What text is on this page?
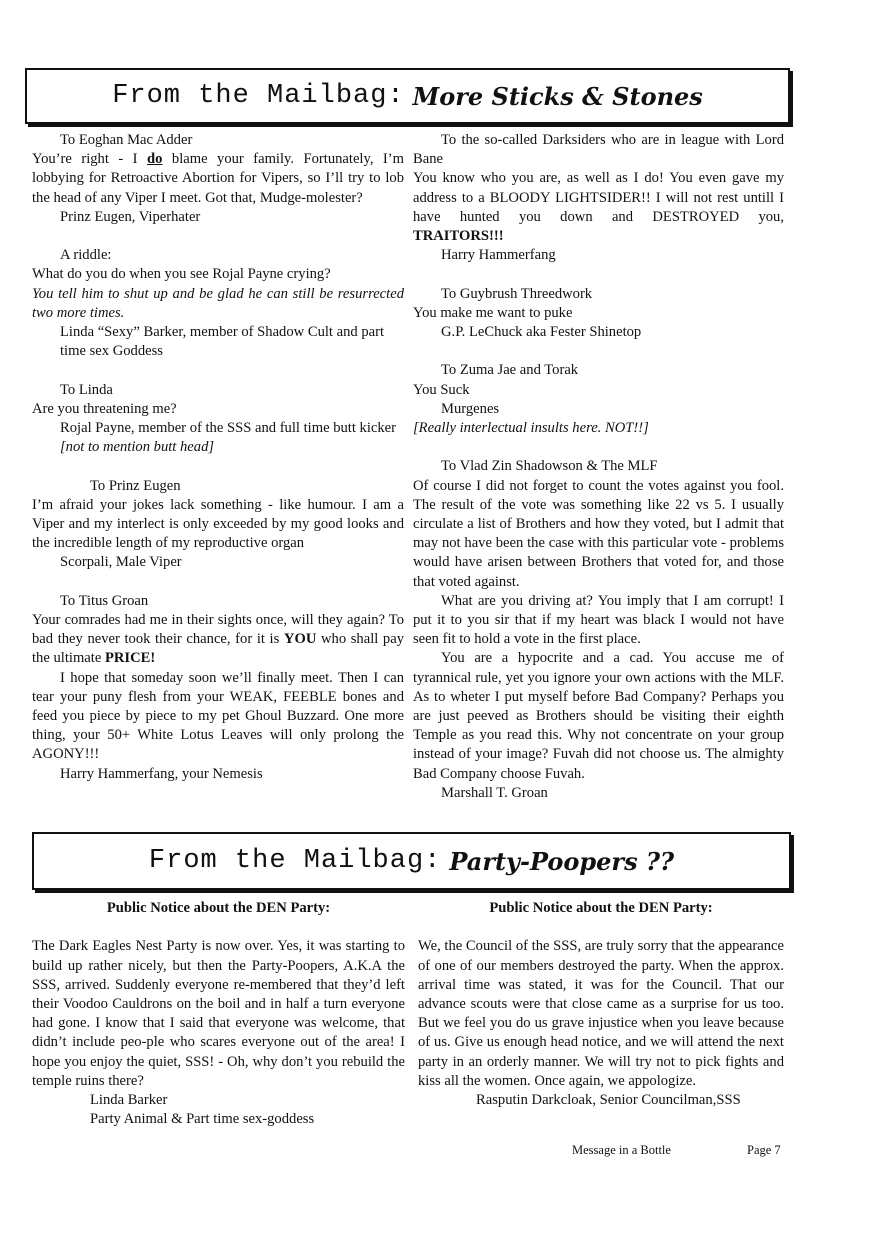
From the Mailbag: More Sticks & Stones

To Eoghan Mac Adder

You’re right - I do blame your family. Fortunately, I’m lobbying for Retroactive Abortion for Vipers, so I’ll try to lob the head of any Viper I meet. Got that, Mudge-molester?

Prinz Eugen, Viperhater

A riddle:

What do you do when you see Rojal Payne crying?

You tell him to shut up and be glad he can still be resurrected two more times.

Linda “Sexy” Barker, member of Shadow Cult and part time sex Goddess

To Linda

Are you threatening me?

Rojal Payne, member of the SSS and full time butt kicker [not to mention butt head]

To Prinz Eugen

I’m afraid your jokes lack something - like humour. I am a Viper and my interlect is only exceeded by my good looks and the incredible length of my reproductive organ

Scorpali, Male Viper

To Titus Groan

Your comrades had me in their sights once, will they again? To bad they never took their chance, for it is YOU who shall pay the ultimate PRICE!

I hope that someday soon we’ll finally meet. Then I can tear your puny flesh from your WEAK, FEEBLE bones and feed you piece by piece to my pet Ghoul Buzzard. One more thing, your 50+ White Lotus Leaves will only prolong the AGONY!!!

Harry Hammerfang, your Nemesis

To the so-called Darksiders who are in league with Lord Bane

You know who you are, as well as I do! You even gave my address to a BLOODY LIGHTSIDER!! I will not rest untill I have hunted you down and DESTROYED you, TRAITORS!!!

Harry Hammerfang

To Guybrush Threedwork

You make me want to puke

G.P. LeChuck aka Fester Shinetop

To Zuma Jae and Torak

You Suck

Murgenes

[Really interlectual insults here. NOT!!]

To Vlad Zin Shadowson & The MLF

Of course I did not forget to count the votes against you fool. The result of the vote was something like 22 vs 5. I usually circulate a list of Brothers and how they voted, but I admit that may not have been the case with this particular vote - problems would have arisen between Brothers that voted for, and those that voted against.

What are you driving at? You imply that I am corrupt! I put it to you sir that if my heart was black I would not have seen fit to hold a vote in the first place.

You are a hypocrite and a cad. You accuse me of tyrannical rule, yet you ignore your own actions with the MLF. As to wheter I put myself before Bad Company? Perhaps you are just peeved as Brothers should be visiting their eighth Temple as you read this. Why not concentrate on your group instead of your image? Fuvah did not choose us. The almighty Bad Company choose Fuvah.

Marshall T. Groan

From the Mailbag: Party-Poopers ??

Public Notice about the DEN Party:

The Dark Eagles Nest Party is now over. Yes, it was starting to build up rather nicely, but then the Party-Poopers, A.K.A the SSS, arrived. Suddenly everyone re-membered that they’d left their Voodoo Cauldrons on the boil and in half a turn everyone had gone. I know that I said that everyone was welcome, that didn’t include peo-ple who scares everyone out of the area! I hope you enjoy the quiet, SSS! - Oh, why don’t you rebuild the temple ruins there?

Linda Barker

Party Animal & Part time sex-goddess

Public Notice about the DEN Party:

We, the Council of the SSS, are truly sorry that the appearance of one of our members destroyed the party. When the approx. arrival time was stated, it was for the Council. That our advance scouts were that close came as a surprise for us too. But we feel you do us grave injustice when you leave because of us. Give us enough head notice, and we will attend the next party in an orderly manner. We will try not to pick fights and kiss all the women. Once again, we appologize.

Rasputin Darkcloak, Senior Councilman,SSS

Message in a Bottle	Page 7
